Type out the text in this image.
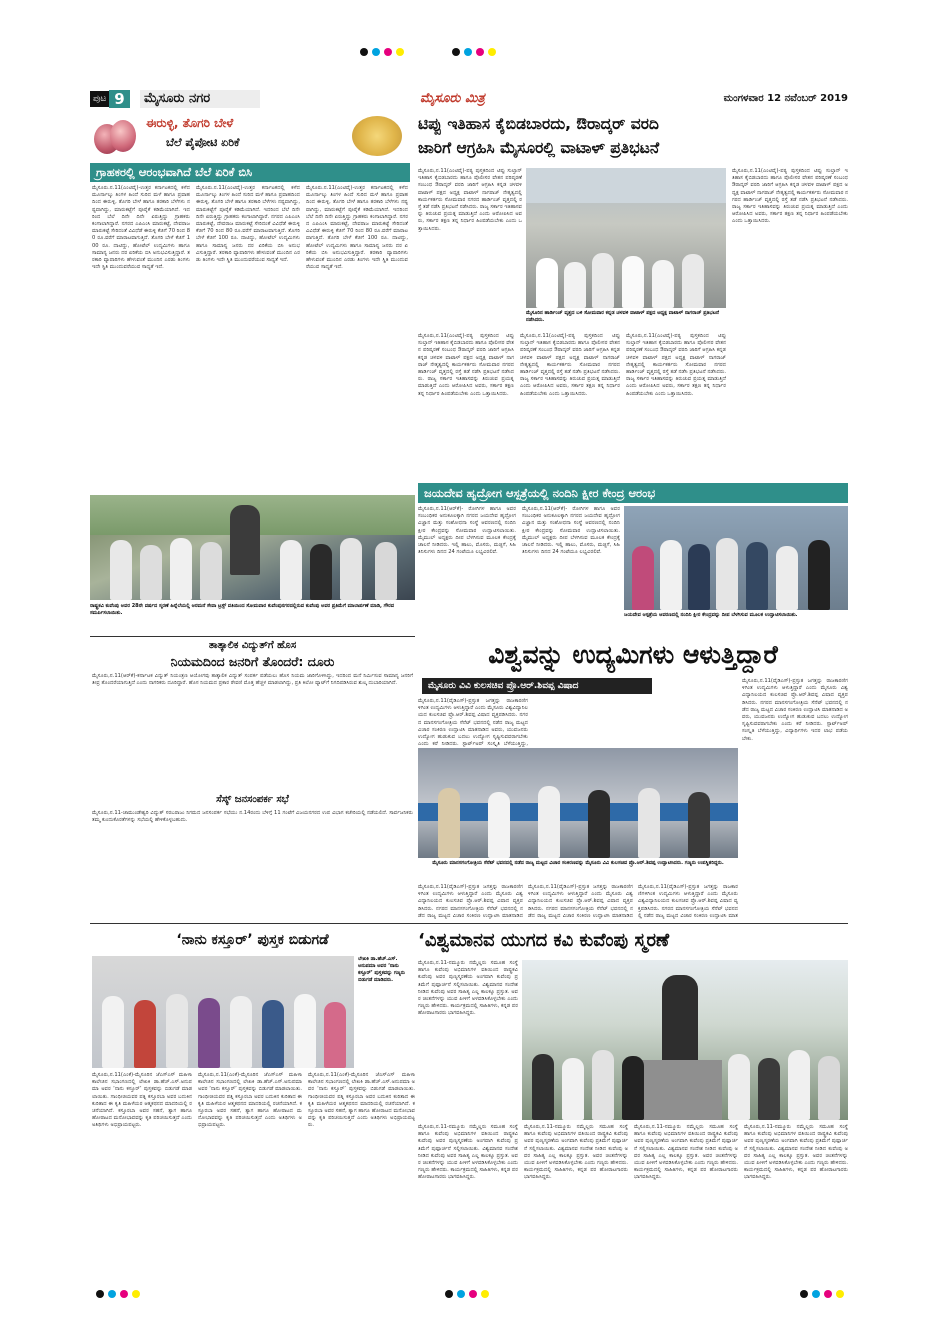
ಪುಟ 9	ಮೈಸೂರು ನಗರ	ಮೈಸೂರು ಮಿತ್ರ	ಮಂಗಳವಾರ 12 ನವೆಂಬರ್ 2019
ಈರುಳ್ಳಿ, ತೊಗರಿ ಬೇಳೆ
ಬೆಲೆ ಪೈಪೋಟಿ ಏರಿಕೆ
ಗ್ರಾಹಕರಲ್ಲಿ ಆರಂಭವಾಗಿದೆ ಬೆಲೆ ಏರಿಕೆ ಬಿಸಿ
ಮೈಸೂರು.ನ.11(ಎಂಟಿವೈ)-ಉತ್ತರ ಕರ್ನಾಟಕದಲ್ಲಿ ಕಳೆದ ಮೂರ್ನಾಲ್ಕು ತಿಂಗಳ ಹಿಂದೆ ಸುರಿದ ಮಳೆ ಹಾಗೂ ಪ್ರವಾಹದಿಂದ ಈರುಳ್ಳಿ, ತೊಗರಿ ಬೇಳೆ ಹಾಗೂ ತರಕಾರಿ ಬೆಳೆಗಳು ನಷ್ಟವಾಗಿದ್ದು, ಮಾರುಕಟ್ಟೆಗೆ ಪೂರೈಕೆ ಕಡಿಮೆಯಾಗಿದೆ. ಇದರಿಂದ ಬೆಲೆ ದಿನೇ ದಿನೇ ಏರುತ್ತಿದ್ದು ಗ್ರಾಹಕರು ಕಂಗಾಲಾಗಿದ್ದಾರೆ. ನಗರದ ಎಪಿಎಂಸಿ ಮಾರುಕಟ್ಟೆ, ದೇವರಾಜ ಮಾರುಕಟ್ಟೆ ಸೇರಿದಂತೆ ವಿವಿಧೆಡೆ ಈರುಳ್ಳಿ ಕೆಜಿಗೆ 70 ರಿಂದ 80 ರೂ.ವರೆಗೆ ಮಾರಾಟವಾಗುತ್ತಿದೆ. ತೊಗರಿ ಬೇಳೆ ಕೆಜಿಗೆ 100 ರೂ. ದಾಟಿದ್ದು, ಹೋಟೆಲ್ ಉದ್ಯಮಿಗಳು ಹಾಗೂ ಸಾಮಾನ್ಯ ಜನರು ದರ ಏರಿಕೆಯ ಬಿಸಿ ಅನುಭವಿಸುತ್ತಿದ್ದಾರೆ. ತರಕಾರಿ ವ್ಯಾಪಾರಿಗಳು ಹೇಳುವಂತೆ ಮುಂದಿನ ಎರಡು ತಿಂಗಳು ಇದೇ ಸ್ಥಿತಿ ಮುಂದುವರೆಯುವ ಸಾಧ್ಯತೆ ಇದೆ.
ಮೈಸೂರು.ನ.11(ಎಂಟಿವೈ)-ಉತ್ತರ ಕರ್ನಾಟಕದಲ್ಲಿ ಕಳೆದ ಮೂರ್ನಾಲ್ಕು ತಿಂಗಳ ಹಿಂದೆ ಸುರಿದ ಮಳೆ ಹಾಗೂ ಪ್ರವಾಹದಿಂದ ಈರುಳ್ಳಿ, ತೊಗರಿ ಬೇಳೆ ಹಾಗೂ ತರಕಾರಿ ಬೆಳೆಗಳು ನಷ್ಟವಾಗಿದ್ದು, ಮಾರುಕಟ್ಟೆಗೆ ಪೂರೈಕೆ ಕಡಿಮೆಯಾಗಿದೆ. ಇದರಿಂದ ಬೆಲೆ ದಿನೇ ದಿನೇ ಏರುತ್ತಿದ್ದು ಗ್ರಾಹಕರು ಕಂಗಾಲಾಗಿದ್ದಾರೆ. ನಗರದ ಎಪಿಎಂಸಿ ಮಾರುಕಟ್ಟೆ, ದೇವರಾಜ ಮಾರುಕಟ್ಟೆ ಸೇರಿದಂತೆ ವಿವಿಧೆಡೆ ಈರುಳ್ಳಿ ಕೆಜಿಗೆ 70 ರಿಂದ 80 ರೂ.ವರೆಗೆ ಮಾರಾಟವಾಗುತ್ತಿದೆ. ತೊಗರಿ ಬೇಳೆ ಕೆಜಿಗೆ 100 ರೂ. ದಾಟಿದ್ದು, ಹೋಟೆಲ್ ಉದ್ಯಮಿಗಳು ಹಾಗೂ ಸಾಮಾನ್ಯ ಜನರು ದರ ಏರಿಕೆಯ ಬಿಸಿ ಅನುಭವಿಸುತ್ತಿದ್ದಾರೆ. ತರಕಾರಿ ವ್ಯಾಪಾರಿಗಳು ಹೇಳುವಂತೆ ಮುಂದಿನ ಎರಡು ತಿಂಗಳು ಇದೇ ಸ್ಥಿತಿ ಮುಂದುವರೆಯುವ ಸಾಧ್ಯತೆ ಇದೆ.
ಮೈಸೂರು.ನ.11(ಎಂಟಿವೈ)-ಉತ್ತರ ಕರ್ನಾಟಕದಲ್ಲಿ ಕಳೆದ ಮೂರ್ನಾಲ್ಕು ತಿಂಗಳ ಹಿಂದೆ ಸುರಿದ ಮಳೆ ಹಾಗೂ ಪ್ರವಾಹದಿಂದ ಈರುಳ್ಳಿ, ತೊಗರಿ ಬೇಳೆ ಹಾಗೂ ತರಕಾರಿ ಬೆಳೆಗಳು ನಷ್ಟವಾಗಿದ್ದು, ಮಾರುಕಟ್ಟೆಗೆ ಪೂರೈಕೆ ಕಡಿಮೆಯಾಗಿದೆ. ಇದರಿಂದ ಬೆಲೆ ದಿನೇ ದಿನೇ ಏರುತ್ತಿದ್ದು ಗ್ರಾಹಕರು ಕಂಗಾಲಾಗಿದ್ದಾರೆ. ನಗರದ ಎಪಿಎಂಸಿ ಮಾರುಕಟ್ಟೆ, ದೇವರಾಜ ಮಾರುಕಟ್ಟೆ ಸೇರಿದಂತೆ ವಿವಿಧೆಡೆ ಈರುಳ್ಳಿ ಕೆಜಿಗೆ 70 ರಿಂದ 80 ರೂ.ವರೆಗೆ ಮಾರಾಟವಾಗುತ್ತಿದೆ. ತೊಗರಿ ಬೇಳೆ ಕೆಜಿಗೆ 100 ರೂ. ದಾಟಿದ್ದು, ಹೋಟೆಲ್ ಉದ್ಯಮಿಗಳು ಹಾಗೂ ಸಾಮಾನ್ಯ ಜನರು ದರ ಏರಿಕೆಯ ಬಿಸಿ ಅನುಭವಿಸುತ್ತಿದ್ದಾರೆ. ತರಕಾರಿ ವ್ಯಾಪಾರಿಗಳು ಹೇಳುವಂತೆ ಮುಂದಿನ ಎರಡು ತಿಂಗಳು ಇದೇ ಸ್ಥಿತಿ ಮುಂದುವರೆಯುವ ಸಾಧ್ಯತೆ ಇದೆ.
ರಾಷ್ಟ್ರಕವಿ ಕುವೆಂಪು ಅವರ 28ನೇ ವರ್ಷದ ಸ್ಮರಣೆ ಹಿನ್ನೆಲೆಯಲ್ಲಿ ಅರಮನೆ ಸೇವಾ ಟ್ರಸ್ಟ್ ವತಿಯಿಂದ ಸೋಮವಾರ ಕುವೆಂಪುನಗರದಲ್ಲಿರುವ ಕುವೆಂಪು ಅವರ ಪ್ರತಿಮೆಗೆ ಮಾಲಾರ್ಪಣೆ ಮಾಡಿ, ಗೌರವ ಸಮರ್ಪಿಸಲಾಯಿತು.
ಟಿಪ್ಪು ಇತಿಹಾಸ ಕೈಬಿಡಬಾರದು, ಔರಾದ್ಕರ್ ವರದಿ
ಜಾರಿಗೆ ಆಗ್ರಹಿಸಿ ಮೈಸೂರಲ್ಲಿ ವಾಟಾಳ್ ಪ್ರತಿಭಟನೆ
ಮೈಸೂರು,ನ.11(ಎಂಟಿವೈ)-ಪಠ್ಯ ಪುಸ್ತಕದಿಂದ ಟಿಪ್ಪು ಸುಲ್ತಾನ್ ಇತಿಹಾಸ ಕೈಬಿಡಬಾರದು ಹಾಗೂ ಪೊಲೀಸರ ವೇತನ ಪರಿಷ್ಕರಣೆ ಸಂಬಂಧ ಔರಾದ್ಕರ್ ವರದಿ ಜಾರಿಗೆ ಆಗ್ರಹಿಸಿ ಕನ್ನಡ ಚಳವಳಿ ವಾಟಾಳ್ ಪಕ್ಷದ ಅಧ್ಯಕ್ಷ ವಾಟಾಳ್ ನಾಗರಾಜ್ ನೇತೃತ್ವದಲ್ಲಿ ಕಾರ್ಯಕರ್ತರು ಸೋಮವಾರ ನಗರದ ಹಾರ್ಡಿಂಜ್ ವೃತ್ತದಲ್ಲಿ ರಸ್ತೆ ತಡೆ ನಡೆಸಿ ಪ್ರತಿಭಟನೆ ನಡೆಸಿದರು. ರಾಜ್ಯ ಸರ್ಕಾರ ಇತಿಹಾಸವನ್ನು ತಿರುಚುವ ಪ್ರಯತ್ನ ಮಾಡುತ್ತಿದೆ ಎಂದು ಆರೋಪಿಸಿದ ಅವರು, ಸರ್ಕಾರ ತಕ್ಷಣ ತನ್ನ ನಿರ್ಧಾರ ಹಿಂಪಡೆಯಬೇಕು ಎಂದು ಒತ್ತಾಯಿಸಿದರು.
ಮೈಸೂರಿನ ಹಾರ್ಡಿಂಜ್ ವೃತ್ತದ ಬಳಿ ಸೋಮವಾರ ಕನ್ನಡ ಚಳವಳಿ ವಾಟಾಳ್ ಪಕ್ಷದ ಅಧ್ಯಕ್ಷ ವಾಟಾಳ್ ನಾಗರಾಜ್ ಪ್ರತಿಭಟನೆ ನಡೆಸಿದರು.
ಮೈಸೂರು,ನ.11(ಎಂಟಿವೈ)-ಪಠ್ಯ ಪುಸ್ತಕದಿಂದ ಟಿಪ್ಪು ಸುಲ್ತಾನ್ ಇತಿಹಾಸ ಕೈಬಿಡಬಾರದು ಹಾಗೂ ಪೊಲೀಸರ ವೇತನ ಪರಿಷ್ಕರಣೆ ಸಂಬಂಧ ಔರಾದ್ಕರ್ ವರದಿ ಜಾರಿಗೆ ಆಗ್ರಹಿಸಿ ಕನ್ನಡ ಚಳವಳಿ ವಾಟಾಳ್ ಪಕ್ಷದ ಅಧ್ಯಕ್ಷ ವಾಟಾಳ್ ನಾಗರಾಜ್ ನೇತೃತ್ವದಲ್ಲಿ ಕಾರ್ಯಕರ್ತರು ಸೋಮವಾರ ನಗರದ ಹಾರ್ಡಿಂಜ್ ವೃತ್ತದಲ್ಲಿ ರಸ್ತೆ ತಡೆ ನಡೆಸಿ ಪ್ರತಿಭಟನೆ ನಡೆಸಿದರು. ರಾಜ್ಯ ಸರ್ಕಾರ ಇತಿಹಾಸವನ್ನು ತಿರುಚುವ ಪ್ರಯತ್ನ ಮಾಡುತ್ತಿದೆ ಎಂದು ಆರೋಪಿಸಿದ ಅವರು, ಸರ್ಕಾರ ತಕ್ಷಣ ತನ್ನ ನಿರ್ಧಾರ ಹಿಂಪಡೆಯಬೇಕು ಎಂದು ಒತ್ತಾಯಿಸಿದರು.
ಮೈಸೂರು,ನ.11(ಎಂಟಿವೈ)-ಪಠ್ಯ ಪುಸ್ತಕದಿಂದ ಟಿಪ್ಪು ಸುಲ್ತಾನ್ ಇತಿಹಾಸ ಕೈಬಿಡಬಾರದು ಹಾಗೂ ಪೊಲೀಸರ ವೇತನ ಪರಿಷ್ಕರಣೆ ಸಂಬಂಧ ಔರಾದ್ಕರ್ ವರದಿ ಜಾರಿಗೆ ಆಗ್ರಹಿಸಿ ಕನ್ನಡ ಚಳವಳಿ ವಾಟಾಳ್ ಪಕ್ಷದ ಅಧ್ಯಕ್ಷ ವಾಟಾಳ್ ನಾಗರಾಜ್ ನೇತೃತ್ವದಲ್ಲಿ ಕಾರ್ಯಕರ್ತರು ಸೋಮವಾರ ನಗರದ ಹಾರ್ಡಿಂಜ್ ವೃತ್ತದಲ್ಲಿ ರಸ್ತೆ ತಡೆ ನಡೆಸಿ ಪ್ರತಿಭಟನೆ ನಡೆಸಿದರು. ರಾಜ್ಯ ಸರ್ಕಾರ ಇತಿಹಾಸವನ್ನು ತಿರುಚುವ ಪ್ರಯತ್ನ ಮಾಡುತ್ತಿದೆ ಎಂದು ಆರೋಪಿಸಿದ ಅವರು, ಸರ್ಕಾರ ತಕ್ಷಣ ತನ್ನ ನಿರ್ಧಾರ ಹಿಂಪಡೆಯಬೇಕು ಎಂದು ಒತ್ತಾಯಿಸಿದರು.
ಮೈಸೂರು,ನ.11(ಎಂಟಿವೈ)-ಪಠ್ಯ ಪುಸ್ತಕದಿಂದ ಟಿಪ್ಪು ಸುಲ್ತಾನ್ ಇತಿಹಾಸ ಕೈಬಿಡಬಾರದು ಹಾಗೂ ಪೊಲೀಸರ ವೇತನ ಪರಿಷ್ಕರಣೆ ಸಂಬಂಧ ಔರಾದ್ಕರ್ ವರದಿ ಜಾರಿಗೆ ಆಗ್ರಹಿಸಿ ಕನ್ನಡ ಚಳವಳಿ ವಾಟಾಳ್ ಪಕ್ಷದ ಅಧ್ಯಕ್ಷ ವಾಟಾಳ್ ನಾಗರಾಜ್ ನೇತೃತ್ವದಲ್ಲಿ ಕಾರ್ಯಕರ್ತರು ಸೋಮವಾರ ನಗರದ ಹಾರ್ಡಿಂಜ್ ವೃತ್ತದಲ್ಲಿ ರಸ್ತೆ ತಡೆ ನಡೆಸಿ ಪ್ರತಿಭಟನೆ ನಡೆಸಿದರು. ರಾಜ್ಯ ಸರ್ಕಾರ ಇತಿಹಾಸವನ್ನು ತಿರುಚುವ ಪ್ರಯತ್ನ ಮಾಡುತ್ತಿದೆ ಎಂದು ಆರೋಪಿಸಿದ ಅವರು, ಸರ್ಕಾರ ತಕ್ಷಣ ತನ್ನ ನಿರ್ಧಾರ ಹಿಂಪಡೆಯಬೇಕು ಎಂದು ಒತ್ತಾಯಿಸಿದರು.
ಮೈಸೂರು,ನ.11(ಎಂಟಿವೈ)-ಪಠ್ಯ ಪುಸ್ತಕದಿಂದ ಟಿಪ್ಪು ಸುಲ್ತಾನ್ ಇತಿಹಾಸ ಕೈಬಿಡಬಾರದು ಹಾಗೂ ಪೊಲೀಸರ ವೇತನ ಪರಿಷ್ಕರಣೆ ಸಂಬಂಧ ಔರಾದ್ಕರ್ ವರದಿ ಜಾರಿಗೆ ಆಗ್ರಹಿಸಿ ಕನ್ನಡ ಚಳವಳಿ ವಾಟಾಳ್ ಪಕ್ಷದ ಅಧ್ಯಕ್ಷ ವಾಟಾಳ್ ನಾಗರಾಜ್ ನೇತೃತ್ವದಲ್ಲಿ ಕಾರ್ಯಕರ್ತರು ಸೋಮವಾರ ನಗರದ ಹಾರ್ಡಿಂಜ್ ವೃತ್ತದಲ್ಲಿ ರಸ್ತೆ ತಡೆ ನಡೆಸಿ ಪ್ರತಿಭಟನೆ ನಡೆಸಿದರು. ರಾಜ್ಯ ಸರ್ಕಾರ ಇತಿಹಾಸವನ್ನು ತಿರುಚುವ ಪ್ರಯತ್ನ ಮಾಡುತ್ತಿದೆ ಎಂದು ಆರೋಪಿಸಿದ ಅವರು, ಸರ್ಕಾರ ತಕ್ಷಣ ತನ್ನ ನಿರ್ಧಾರ ಹಿಂಪಡೆಯಬೇಕು ಎಂದು ಒತ್ತಾಯಿಸಿದರು.
ಜಯದೇವ ಹೃದ್ರೋಗ ಆಸ್ಪತ್ರೆಯಲ್ಲಿ ನಂದಿನಿ ಕ್ಷೀರ ಕೇಂದ್ರ ಆರಂಭ
ಮೈಸೂರು,ನ.11(ಆರ್‌ಕೆ)- ರೋಗಿಗಳ ಹಾಗೂ ಅವರ ಸಂಬಂಧಿಕರ ಅನುಕೂಲಕ್ಕಾಗಿ ನಗರದ ಜಯದೇವ ಹೃದ್ರೋಗ ವಿಜ್ಞಾನ ಮತ್ತು ಸಂಶೋಧನಾ ಸಂಸ್ಥೆ ಆವರಣದಲ್ಲಿ ನಂದಿನಿ ಕ್ಷೀರ ಕೇಂದ್ರವನ್ನು ಸೋಮವಾರ ಉದ್ಘಾಟಿಸಲಾಯಿತು. ಮೈಮುಲ್ ಅಧ್ಯಕ್ಷರು ದೀಪ ಬೆಳಗಿಸುವ ಮೂಲಕ ಕೇಂದ್ರಕ್ಕೆ ಚಾಲನೆ ನೀಡಿದರು. ಇಲ್ಲಿ ಹಾಲು, ಮೊಸರು, ಮಜ್ಜಿಗೆ, ಸಿಹಿ ತಿನಿಸುಗಳು ದಿನದ 24 ಗಂಟೆಯೂ ಲಭ್ಯವಿರಲಿವೆ.
ಮೈಸೂರು,ನ.11(ಆರ್‌ಕೆ)- ರೋಗಿಗಳ ಹಾಗೂ ಅವರ ಸಂಬಂಧಿಕರ ಅನುಕೂಲಕ್ಕಾಗಿ ನಗರದ ಜಯದೇವ ಹೃದ್ರೋಗ ವಿಜ್ಞಾನ ಮತ್ತು ಸಂಶೋಧನಾ ಸಂಸ್ಥೆ ಆವರಣದಲ್ಲಿ ನಂದಿನಿ ಕ್ಷೀರ ಕೇಂದ್ರವನ್ನು ಸೋಮವಾರ ಉದ್ಘಾಟಿಸಲಾಯಿತು. ಮೈಮುಲ್ ಅಧ್ಯಕ್ಷರು ದೀಪ ಬೆಳಗಿಸುವ ಮೂಲಕ ಕೇಂದ್ರಕ್ಕೆ ಚಾಲನೆ ನೀಡಿದರು. ಇಲ್ಲಿ ಹಾಲು, ಮೊಸರು, ಮಜ್ಜಿಗೆ, ಸಿಹಿ ತಿನಿಸುಗಳು ದಿನದ 24 ಗಂಟೆಯೂ ಲಭ್ಯವಿರಲಿವೆ.
ಜಯದೇವ ಆಸ್ಪತ್ರೆಯ ಆವರಣದಲ್ಲಿ ನಂದಿನಿ ಕ್ಷೀರ ಕೇಂದ್ರವನ್ನು ದೀಪ ಬೆಳಗಿಸುವ ಮೂಲಕ ಉದ್ಘಾಟಿಸಲಾಯಿತು.
ತಾತ್ಕಾಲಿಕ ವಿದ್ಯುತ್‌ಗೆ ಹೊಸ
ನಿಯಮದಿಂದ ಜನರಿಗೆ ತೊಂದರೆ: ದೂರು
ಮೈಸೂರು,ನ.11(ಆರ್‌ಕೆ)-ಕರ್ನಾಟಕ ವಿದ್ಯುತ್ ನಿಯಂತ್ರಣ ಆಯೋಗವು ತಾತ್ಕಾಲಿಕ ವಿದ್ಯುತ್ ಸಂಪರ್ಕ ಪಡೆಯಲು ಹೊಸ ನಿಯಮ ಜಾರಿಗೊಳಿಸಿದ್ದು, ಇದರಿಂದ ಮನೆ ನಿರ್ಮಿಸುವ ಸಾಮಾನ್ಯ ಜನರಿಗೆ ತೀವ್ರ ತೊಂದರೆಯಾಗುತ್ತಿದೆ ಎಂದು ನಾಗರಿಕರು ದೂರಿದ್ದಾರೆ. ಹೊಸ ನಿಯಮದ ಪ್ರಕಾರ ಠೇವಣಿ ಮೊತ್ತ ಹೆಚ್ಚಳ ಮಾಡಲಾಗಿದ್ದು, ಪ್ರತಿ ಕಿಲೋ ವ್ಯಾಟ್‌ಗೆ ನಿಗದಿಪಡಿಸಿರುವ ಶುಲ್ಕ ದುಬಾರಿಯಾಗಿದೆ.
ಸೆಸ್ಕ್ ಜನಸಂಪರ್ಕ ಸಭೆ
ಮೈಸೂರು,ನ.11-ಚಾಮುಂಡೇಶ್ವರಿ ವಿದ್ಯುತ್ ಸರಬರಾಜು ನಿಗಮದ ಜನಸಂಪರ್ಕ ಸಭೆಯು ನ.14ರಂದು ಬೆಳಿಗ್ಗೆ 11 ಗಂಟೆಗೆ ವಿಜಯನಗರದ ಉಪ ವಿಭಾಗ ಕಚೇರಿಯಲ್ಲಿ ನಡೆಯಲಿದೆ. ಸಾರ್ವಜನಿಕರು ತಮ್ಮ ಕುಂದುಕೊರತೆಗಳನ್ನು ಸಭೆಯಲ್ಲಿ ಹೇಳಿಕೊಳ್ಳಬಹುದು.
ವಿಶ್ವವನ್ನು ಉದ್ಯಮಿಗಳು ಆಳುತ್ತಿದ್ದಾರೆ
ಮೈಸೂರು ವಿವಿ ಕುಲಸಚಿವ ಪ್ರೊ.ಆರ್.ಶಿವಪ್ಪ ವಿಷಾದ
ಮೈಸೂರು,ನ.11(ವೈಡಿಎಸ್)-ಪ್ರಸ್ತುತ ಜಗತ್ತನ್ನು ರಾಜಕಾರಣಿಗಳಿಗಿಂತ ಉದ್ಯಮಿಗಳು ಆಳುತ್ತಿದ್ದಾರೆ ಎಂದು ಮೈಸೂರು ವಿಶ್ವವಿದ್ಯಾನಿಲಯದ ಕುಲಸಚಿವ ಪ್ರೊ.ಆರ್.ಶಿವಪ್ಪ ವಿಷಾದ ವ್ಯಕ್ತಪಡಿಸಿದರು. ನಗರದ ಮಾನಸಗಂಗೋತ್ರಿಯ ಸೆನೆಟ್ ಭವನದಲ್ಲಿ ನಡೆದ ರಾಜ್ಯ ಮಟ್ಟದ ವಿಚಾರ ಸಂಕಿರಣ ಉದ್ಘಾಟಿಸಿ ಮಾತನಾಡಿದ ಅವರು, ಯುವಜನರು ಉದ್ಯೋಗ ಹುಡುಕುವ ಬದಲು ಉದ್ಯೋಗ ಸೃಷ್ಟಿಸುವವರಾಗಬೇಕು ಎಂದು ಕರೆ ನೀಡಿದರು. ಸ್ಟಾರ್ಟ್‌ಅಪ್ ಸಂಸ್ಕೃತಿ ಬೆಳೆಯುತ್ತಿದ್ದು,
ಮೈಸೂರು,ನ.11(ವೈಡಿಎಸ್)-ಪ್ರಸ್ತುತ ಜಗತ್ತನ್ನು ರಾಜಕಾರಣಿಗಳಿಗಿಂತ ಉದ್ಯಮಿಗಳು ಆಳುತ್ತಿದ್ದಾರೆ ಎಂದು ಮೈಸೂರು ವಿಶ್ವವಿದ್ಯಾನಿಲಯದ ಕುಲಸಚಿವ ಪ್ರೊ.ಆರ್.ಶಿವಪ್ಪ ವಿಷಾದ ವ್ಯಕ್ತಪಡಿಸಿದರು. ನಗರದ ಮಾನಸಗಂಗೋತ್ರಿಯ ಸೆನೆಟ್ ಭವನದಲ್ಲಿ ನಡೆದ ರಾಜ್ಯ ಮಟ್ಟದ ವಿಚಾರ ಸಂಕಿರಣ ಉದ್ಘಾಟಿಸಿ ಮಾತನಾಡಿದ ಅವರು, ಯುವಜನರು ಉದ್ಯೋಗ ಹುಡುಕುವ ಬದಲು ಉದ್ಯೋಗ ಸೃಷ್ಟಿಸುವವರಾಗಬೇಕು ಎಂದು ಕರೆ ನೀಡಿದರು. ಸ್ಟಾರ್ಟ್‌ಅಪ್ ಸಂಸ್ಕೃತಿ ಬೆಳೆಯುತ್ತಿದ್ದು, ವಿದ್ಯಾರ್ಥಿಗಳು ಇದರ ಲಾಭ ಪಡೆಯಬೇಕು.
ಮೈಸೂರು ಮಾನಸಗಂಗೋತ್ರಿಯ ಸೆನೆಟ್ ಭವನದಲ್ಲಿ ನಡೆದ ರಾಜ್ಯ ಮಟ್ಟದ ವಿಚಾರ ಸಂಕಿರಣವನ್ನು ಮೈಸೂರು ವಿವಿ ಕುಲಸಚಿವ ಪ್ರೊ.ಆರ್.ಶಿವಪ್ಪ ಉದ್ಘಾಟಿಸಿದರು. ಗಣ್ಯರು ಉಪಸ್ಥಿತರಿದ್ದರು.
ಮೈಸೂರು,ನ.11(ವೈಡಿಎಸ್)-ಪ್ರಸ್ತುತ ಜಗತ್ತನ್ನು ರಾಜಕಾರಣಿಗಳಿಗಿಂತ ಉದ್ಯಮಿಗಳು ಆಳುತ್ತಿದ್ದಾರೆ ಎಂದು ಮೈಸೂರು ವಿಶ್ವವಿದ್ಯಾನಿಲಯದ ಕುಲಸಚಿವ ಪ್ರೊ.ಆರ್.ಶಿವಪ್ಪ ವಿಷಾದ ವ್ಯಕ್ತಪಡಿಸಿದರು. ನಗರದ ಮಾನಸಗಂಗೋತ್ರಿಯ ಸೆನೆಟ್ ಭವನದಲ್ಲಿ ನಡೆದ ರಾಜ್ಯ ಮಟ್ಟದ ವಿಚಾರ ಸಂಕಿರಣ ಉದ್ಘಾಟಿಸಿ ಮಾತನಾಡಿದ
ಮೈಸೂರು,ನ.11(ವೈಡಿಎಸ್)-ಪ್ರಸ್ತುತ ಜಗತ್ತನ್ನು ರಾಜಕಾರಣಿಗಳಿಗಿಂತ ಉದ್ಯಮಿಗಳು ಆಳುತ್ತಿದ್ದಾರೆ ಎಂದು ಮೈಸೂರು ವಿಶ್ವವಿದ್ಯಾನಿಲಯದ ಕುಲಸಚಿವ ಪ್ರೊ.ಆರ್.ಶಿವಪ್ಪ ವಿಷಾದ ವ್ಯಕ್ತಪಡಿಸಿದರು. ನಗರದ ಮಾನಸಗಂಗೋತ್ರಿಯ ಸೆನೆಟ್ ಭವನದಲ್ಲಿ ನಡೆದ ರಾಜ್ಯ ಮಟ್ಟದ ವಿಚಾರ ಸಂಕಿರಣ ಉದ್ಘಾಟಿಸಿ ಮಾತನಾಡಿದ
ಮೈಸೂರು,ನ.11(ವೈಡಿಎಸ್)-ಪ್ರಸ್ತುತ ಜಗತ್ತನ್ನು ರಾಜಕಾರಣಿಗಳಿಗಿಂತ ಉದ್ಯಮಿಗಳು ಆಳುತ್ತಿದ್ದಾರೆ ಎಂದು ಮೈಸೂರು ವಿಶ್ವವಿದ್ಯಾನಿಲಯದ ಕುಲಸಚಿವ ಪ್ರೊ.ಆರ್.ಶಿವಪ್ಪ ವಿಷಾದ ವ್ಯಕ್ತಪಡಿಸಿದರು. ನಗರದ ಮಾನಸಗಂಗೋತ್ರಿಯ ಸೆನೆಟ್ ಭವನದಲ್ಲಿ ನಡೆದ ರಾಜ್ಯ ಮಟ್ಟದ ವಿಚಾರ ಸಂಕಿರಣ ಉದ್ಘಾಟಿಸಿ ಮಾತ
‘ನಾನು ಕಸ್ತೂರ್’ ಪುಸ್ತಕ ಬಿಡುಗಡೆ
ಲೇಖಕಿ ಡಾ.ಹೆಚ್.ಎಸ್. ಅನುಪಮಾ ಅವರ ‘ನಾನು ಕಸ್ತೂರ್’ ಪುಸ್ತಕವನ್ನು ಗಣ್ಯರು ಬಿಡುಗಡೆ ಮಾಡಿದರು.
ಮೈಸೂರು,ನ.11(ಎಂಕೆ)-ಮೈಸೂರಿನ ಜೆಎಸ್‌ಎಸ್ ಮಹಿಳಾ ಕಾಲೇಜಿನ ಸಭಾಂಗಣದಲ್ಲಿ ಲೇಖಕಿ ಡಾ.ಹೆಚ್.ಎಸ್.ಅನುಪಮಾ ಅವರ ‘ನಾನು ಕಸ್ತೂರ್’ ಪುಸ್ತಕವನ್ನು ಬಿಡುಗಡೆ ಮಾಡಲಾಯಿತು. ಗಾಂಧೀಜಿಯವರ ಪತ್ನಿ ಕಸ್ತೂರಬಾ ಅವರ ಬದುಕಿನ ಕುರಿತಾದ ಈ ಕೃತಿ ಮಹಿಳೆಯರ ಆತ್ಮಕಥನದ ಮಾದರಿಯಲ್ಲಿ ರಚನೆಯಾಗಿದೆ. ಕಸ್ತೂರಬಾ ಅವರ ಸಹನೆ, ತ್ಯಾಗ ಹಾಗೂ ಹೋರಾಟದ ಮನೋಭಾವವನ್ನು ಕೃತಿ ಪರಿಚಯಿಸುತ್ತದೆ ಎಂದು ಅತಿಥಿಗಳು ಅಭಿಪ್ರಾಯಪಟ್ಟರು.
ಮೈಸೂರು,ನ.11(ಎಂಕೆ)-ಮೈಸೂರಿನ ಜೆಎಸ್‌ಎಸ್ ಮಹಿಳಾ ಕಾಲೇಜಿನ ಸಭಾಂಗಣದಲ್ಲಿ ಲೇಖಕಿ ಡಾ.ಹೆಚ್.ಎಸ್.ಅನುಪಮಾ ಅವರ ‘ನಾನು ಕಸ್ತೂರ್’ ಪುಸ್ತಕವನ್ನು ಬಿಡುಗಡೆ ಮಾಡಲಾಯಿತು. ಗಾಂಧೀಜಿಯವರ ಪತ್ನಿ ಕಸ್ತೂರಬಾ ಅವರ ಬದುಕಿನ ಕುರಿತಾದ ಈ ಕೃತಿ ಮಹಿಳೆಯರ ಆತ್ಮಕಥನದ ಮಾದರಿಯಲ್ಲಿ ರಚನೆಯಾಗಿದೆ. ಕಸ್ತೂರಬಾ ಅವರ ಸಹನೆ, ತ್ಯಾಗ ಹಾಗೂ ಹೋರಾಟದ ಮನೋಭಾವವನ್ನು ಕೃತಿ ಪರಿಚಯಿಸುತ್ತದೆ ಎಂದು ಅತಿಥಿಗಳು ಅಭಿಪ್ರಾಯಪಟ್ಟರು.
ಮೈಸೂರು,ನ.11(ಎಂಕೆ)-ಮೈಸೂರಿನ ಜೆಎಸ್‌ಎಸ್ ಮಹಿಳಾ ಕಾಲೇಜಿನ ಸಭಾಂಗಣದಲ್ಲಿ ಲೇಖಕಿ ಡಾ.ಹೆಚ್.ಎಸ್.ಅನುಪಮಾ ಅವರ ‘ನಾನು ಕಸ್ತೂರ್’ ಪುಸ್ತಕವನ್ನು ಬಿಡುಗಡೆ ಮಾಡಲಾಯಿತು. ಗಾಂಧೀಜಿಯವರ ಪತ್ನಿ ಕಸ್ತೂರಬಾ ಅವರ ಬದುಕಿನ ಕುರಿತಾದ ಈ ಕೃತಿ ಮಹಿಳೆಯರ ಆತ್ಮಕಥನದ ಮಾದರಿಯಲ್ಲಿ ರಚನೆಯಾಗಿದೆ. ಕಸ್ತೂರಬಾ ಅವರ ಸಹನೆ, ತ್ಯಾಗ ಹಾಗೂ ಹೋರಾಟದ ಮನೋಭಾವವನ್ನು ಕೃತಿ ಪರಿಚಯಿಸುತ್ತದೆ ಎಂದು ಅತಿಥಿಗಳು ಅಭಿಪ್ರಾಯಪಟ್ಟರು.
‘ವಿಶ್ವಮಾನವ ಯುಗದ ಕವಿ ಕುವೆಂಪು ಸ್ಮರಣೆ
ಮೈಸೂರು,ನ.11-ನಮ್ಮೂರು ನಮ್ಮೆಲ್ಲರು ಸಮೂಹ ಸಂಸ್ಥೆ ಹಾಗೂ ಕುವೆಂಪು ಅಭಿಮಾನಿಗಳ ವತಿಯಿಂದ ರಾಷ್ಟ್ರಕವಿ ಕುವೆಂಪು ಅವರ ಪುಣ್ಯಸ್ಮರಣೆಯ ಅಂಗವಾಗಿ ಕುವೆಂಪು ಪ್ರತಿಮೆಗೆ ಪುಷ್ಪಾರ್ಚನೆ ಸಲ್ಲಿಸಲಾಯಿತು. ವಿಶ್ವಮಾನವ ಸಂದೇಶ ನೀಡಿದ ಕುವೆಂಪು ಅವರ ಸಾಹಿತ್ಯ ಎಲ್ಲ ಕಾಲಕ್ಕೂ ಪ್ರಸ್ತುತ. ಅವರ ಚಿಂತನೆಗಳನ್ನು ಯುವ ಪೀಳಿಗೆ ಅಳವಡಿಸಿಕೊಳ್ಳಬೇಕು ಎಂದು ಗಣ್ಯರು ಹೇಳಿದರು. ಕಾರ್ಯಕ್ರಮದಲ್ಲಿ ಸಾಹಿತಿಗಳು, ಕನ್ನಡ ಪರ ಹೋರಾಟಗಾರರು ಭಾಗವಹಿಸಿದ್ದರು.
ಮೈಸೂರು,ನ.11-ನಮ್ಮೂರು ನಮ್ಮೆಲ್ಲರು ಸಮೂಹ ಸಂಸ್ಥೆ ಹಾಗೂ ಕುವೆಂಪು ಅಭಿಮಾನಿಗಳ ವತಿಯಿಂದ ರಾಷ್ಟ್ರಕವಿ ಕುವೆಂಪು ಅವರ ಪುಣ್ಯಸ್ಮರಣೆಯ ಅಂಗವಾಗಿ ಕುವೆಂಪು ಪ್ರತಿಮೆಗೆ ಪುಷ್ಪಾರ್ಚನೆ ಸಲ್ಲಿಸಲಾಯಿತು. ವಿಶ್ವಮಾನವ ಸಂದೇಶ ನೀಡಿದ ಕುವೆಂಪು ಅವರ ಸಾಹಿತ್ಯ ಎಲ್ಲ ಕಾಲಕ್ಕೂ ಪ್ರಸ್ತುತ. ಅವರ ಚಿಂತನೆಗಳನ್ನು ಯುವ ಪೀಳಿಗೆ ಅಳವಡಿಸಿಕೊಳ್ಳಬೇಕು ಎಂದು ಗಣ್ಯರು ಹೇಳಿದರು. ಕಾರ್ಯಕ್ರಮದಲ್ಲಿ ಸಾಹಿತಿಗಳು, ಕನ್ನಡ ಪರ ಹೋರಾಟಗಾರರು ಭಾಗವಹಿಸಿದ್ದರು.
ಮೈಸೂರು,ನ.11-ನಮ್ಮೂರು ನಮ್ಮೆಲ್ಲರು ಸಮೂಹ ಸಂಸ್ಥೆ ಹಾಗೂ ಕುವೆಂಪು ಅಭಿಮಾನಿಗಳ ವತಿಯಿಂದ ರಾಷ್ಟ್ರಕವಿ ಕುವೆಂಪು ಅವರ ಪುಣ್ಯಸ್ಮರಣೆಯ ಅಂಗವಾಗಿ ಕುವೆಂಪು ಪ್ರತಿಮೆಗೆ ಪುಷ್ಪಾರ್ಚನೆ ಸಲ್ಲಿಸಲಾಯಿತು. ವಿಶ್ವಮಾನವ ಸಂದೇಶ ನೀಡಿದ ಕುವೆಂಪು ಅವರ ಸಾಹಿತ್ಯ ಎಲ್ಲ ಕಾಲಕ್ಕೂ ಪ್ರಸ್ತುತ. ಅವರ ಚಿಂತನೆಗಳನ್ನು ಯುವ ಪೀಳಿಗೆ ಅಳವಡಿಸಿಕೊಳ್ಳಬೇಕು ಎಂದು ಗಣ್ಯರು ಹೇಳಿದರು. ಕಾರ್ಯಕ್ರಮದಲ್ಲಿ ಸಾಹಿತಿಗಳು, ಕನ್ನಡ ಪರ ಹೋರಾಟಗಾರರು ಭಾಗವಹಿಸಿದ್ದರು.
ಮೈಸೂರು,ನ.11-ನಮ್ಮೂರು ನಮ್ಮೆಲ್ಲರು ಸಮೂಹ ಸಂಸ್ಥೆ ಹಾಗೂ ಕುವೆಂಪು ಅಭಿಮಾನಿಗಳ ವತಿಯಿಂದ ರಾಷ್ಟ್ರಕವಿ ಕುವೆಂಪು ಅವರ ಪುಣ್ಯಸ್ಮರಣೆಯ ಅಂಗವಾಗಿ ಕುವೆಂಪು ಪ್ರತಿಮೆಗೆ ಪುಷ್ಪಾರ್ಚನೆ ಸಲ್ಲಿಸಲಾಯಿತು. ವಿಶ್ವಮಾನವ ಸಂದೇಶ ನೀಡಿದ ಕುವೆಂಪು ಅವರ ಸಾಹಿತ್ಯ ಎಲ್ಲ ಕಾಲಕ್ಕೂ ಪ್ರಸ್ತುತ. ಅವರ ಚಿಂತನೆಗಳನ್ನು ಯುವ ಪೀಳಿಗೆ ಅಳವಡಿಸಿಕೊಳ್ಳಬೇಕು ಎಂದು ಗಣ್ಯರು ಹೇಳಿದರು. ಕಾರ್ಯಕ್ರಮದಲ್ಲಿ ಸಾಹಿತಿಗಳು, ಕನ್ನಡ ಪರ ಹೋರಾಟಗಾರರು ಭಾಗವಹಿಸಿದ್ದರು.
ಮೈಸೂರು,ನ.11-ನಮ್ಮೂರು ನಮ್ಮೆಲ್ಲರು ಸಮೂಹ ಸಂಸ್ಥೆ ಹಾಗೂ ಕುವೆಂಪು ಅಭಿಮಾನಿಗಳ ವತಿಯಿಂದ ರಾಷ್ಟ್ರಕವಿ ಕುವೆಂಪು ಅವರ ಪುಣ್ಯಸ್ಮರಣೆಯ ಅಂಗವಾಗಿ ಕುವೆಂಪು ಪ್ರತಿಮೆಗೆ ಪುಷ್ಪಾರ್ಚನೆ ಸಲ್ಲಿಸಲಾಯಿತು. ವಿಶ್ವಮಾನವ ಸಂದೇಶ ನೀಡಿದ ಕುವೆಂಪು ಅವರ ಸಾಹಿತ್ಯ ಎಲ್ಲ ಕಾಲಕ್ಕೂ ಪ್ರಸ್ತುತ. ಅವರ ಚಿಂತನೆಗಳನ್ನು ಯುವ ಪೀಳಿಗೆ ಅಳವಡಿಸಿಕೊಳ್ಳಬೇಕು ಎಂದು ಗಣ್ಯರು ಹೇಳಿದರು. ಕಾರ್ಯಕ್ರಮದಲ್ಲಿ ಸಾಹಿತಿಗಳು, ಕನ್ನಡ ಪರ ಹೋರಾಟಗಾರರು ಭಾಗವಹಿಸಿದ್ದರು.
